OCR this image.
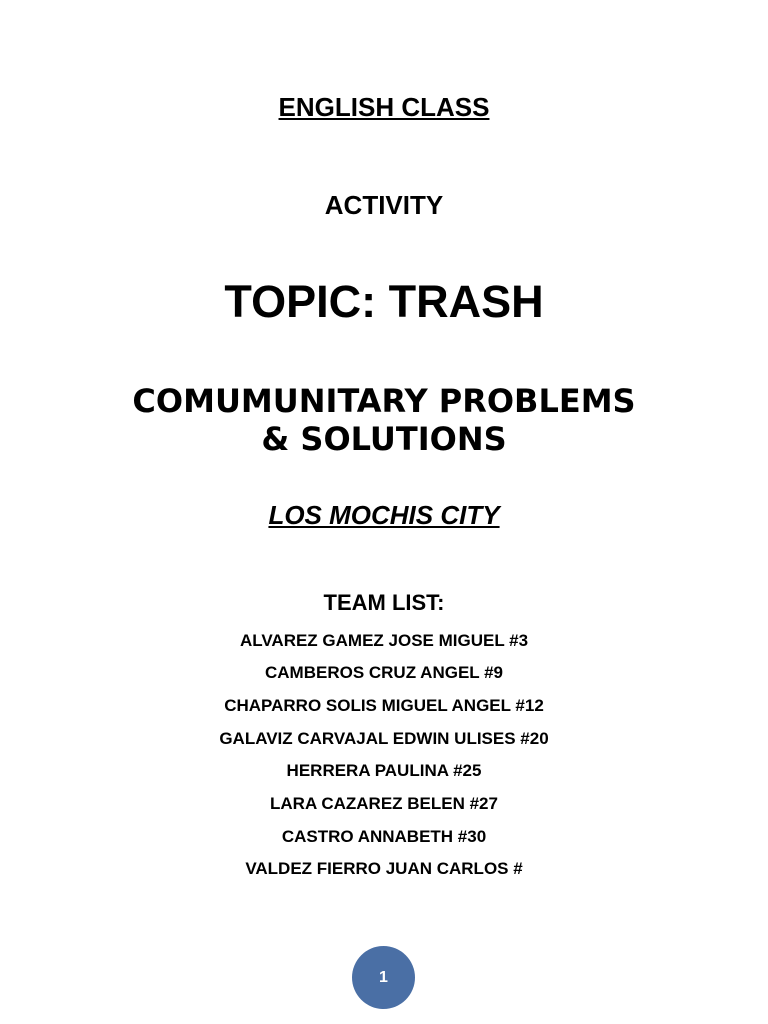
ENGLISH CLASS
ACTIVITY
TOPIC: TRASH
COMUMUNITARY PROBLEMS
& SOLUTIONS
LOS MOCHIS CITY
TEAM LIST:
ALVAREZ GAMEZ JOSE MIGUEL #3
CAMBEROS CRUZ ANGEL #9
CHAPARRO SOLIS MIGUEL ANGEL #12
GALAVIZ CARVAJAL EDWIN ULISES #20
HERRERA PAULINA #25
LARA CAZAREZ BELEN #27
CASTRO ANNABETH #30
VALDEZ FIERRO JUAN CARLOS #
1
